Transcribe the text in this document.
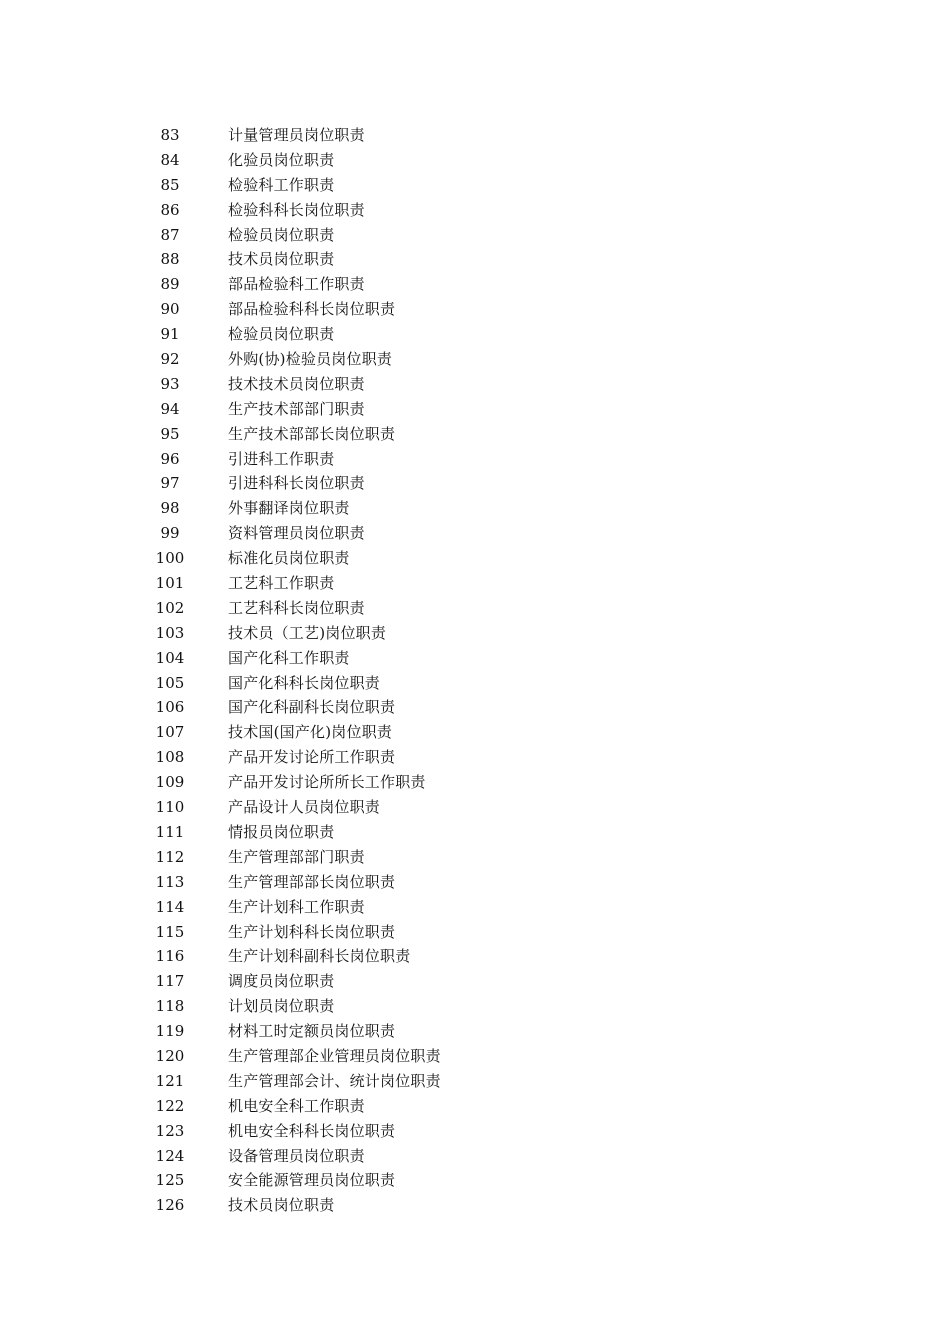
83	计量管理员岗位职责
84	化验员岗位职责
85	检验科工作职责
86	检验科科长岗位职责
87	检验员岗位职责
88	技术员岗位职责
89	部品检验科工作职责
90	部品检验科科长岗位职责
91	检验员岗位职责
92	外购(协)检验员岗位职责
93	技术技术员岗位职责
94	生产技术部部门职责
95	生产技术部部长岗位职责
96	引进科工作职责
97	引进科科长岗位职责
98	外事翻译岗位职责
99	资料管理员岗位职责
100	标准化员岗位职责
101	工艺科工作职责
102	工艺科科长岗位职责
103	技术员（工艺)岗位职责
104	国产化科工作职责
105	国产化科科长岗位职责
106	国产化科副科长岗位职责
107	技术国(国产化)岗位职责
108	产品开发讨论所工作职责
109	产品开发讨论所所长工作职责
110	产品设计人员岗位职责
111	情报员岗位职责
112	生产管理部部门职责
113	生产管理部部长岗位职责
114	生产计划科工作职责
115	生产计划科科长岗位职责
116	生产计划科副科长岗位职责
117	调度员岗位职责
118	计划员岗位职责
119	材料工时定额员岗位职责
120	生产管理部企业管理员岗位职责
121	生产管理部会计、统计岗位职责
122	机电安全科工作职责
123	机电安全科科长岗位职责
124	设备管理员岗位职责
125	安全能源管理员岗位职责
126	技术员岗位职责
